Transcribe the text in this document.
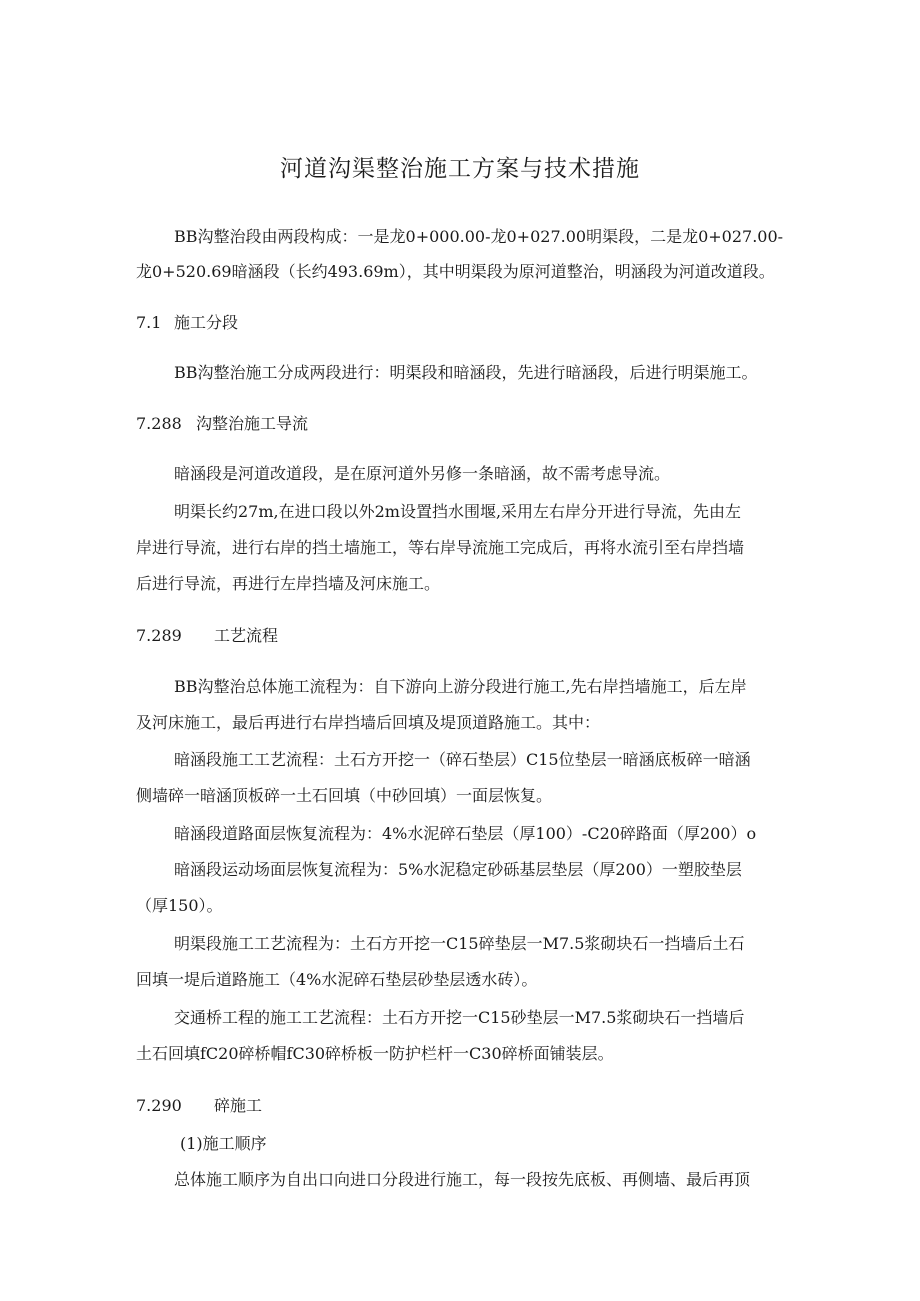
河道沟渠整治施工方案与技术措施
BB沟整治段由两段构成：一是龙0+000.00-龙0+027.00明渠段，二是龙0+027.00-
龙0+520.69暗涵段（长约493.69m），其中明渠段为原河道整治，明涵段为河道改道段。
7.1 施工分段
BB沟整治施工分成两段进行：明渠段和暗涵段，先进行暗涵段，后进行明渠施工。
7.288 沟整治施工导流
暗涵段是河道改道段，是在原河道外另修一条暗涵，故不需考虑导流。
明渠长约27m,在进口段以外2m设置挡水围堰,采用左右岸分开进行导流，先由左
岸进行导流，进行右岸的挡土墙施工，等右岸导流施工完成后，再将水流引至右岸挡墙
后进行导流，再进行左岸挡墙及河床施工。
7.289 工艺流程
BB沟整治总体施工流程为：自下游向上游分段进行施工,先右岸挡墙施工，后左岸
及河床施工，最后再进行右岸挡墙后回填及堤顶道路施工。其中：
暗涵段施工工艺流程：土石方开挖一（碎石垫层）C15位垫层一暗涵底板碎一暗涵
侧墙碎一暗涵顶板碎一土石回填（中砂回填）一面层恢复。
暗涵段道路面层恢复流程为：4%水泥碎石垫层（厚100）-C20碎路面（厚200）o
暗涵段运动场面层恢复流程为：5%水泥稳定砂砾基层垫层（厚200）一塑胶垫层
（厚150）。
明渠段施工工艺流程为：土石方开挖一C15碎垫层一M7.5浆砌块石一挡墙后土石
回填一堤后道路施工（4%水泥碎石垫层砂垫层透水砖）。
交通桥工程的施工工艺流程：土石方开挖一C15砂垫层一M7.5浆砌块石一挡墙后
土石回填fC20碎桥帽fC30碎桥板一防护栏杆一C30碎桥面铺装层。
7.290 碎施工
(1)施工顺序
总体施工顺序为自出口向进口分段进行施工，每一段按先底板、再侧墙、最后再顶
